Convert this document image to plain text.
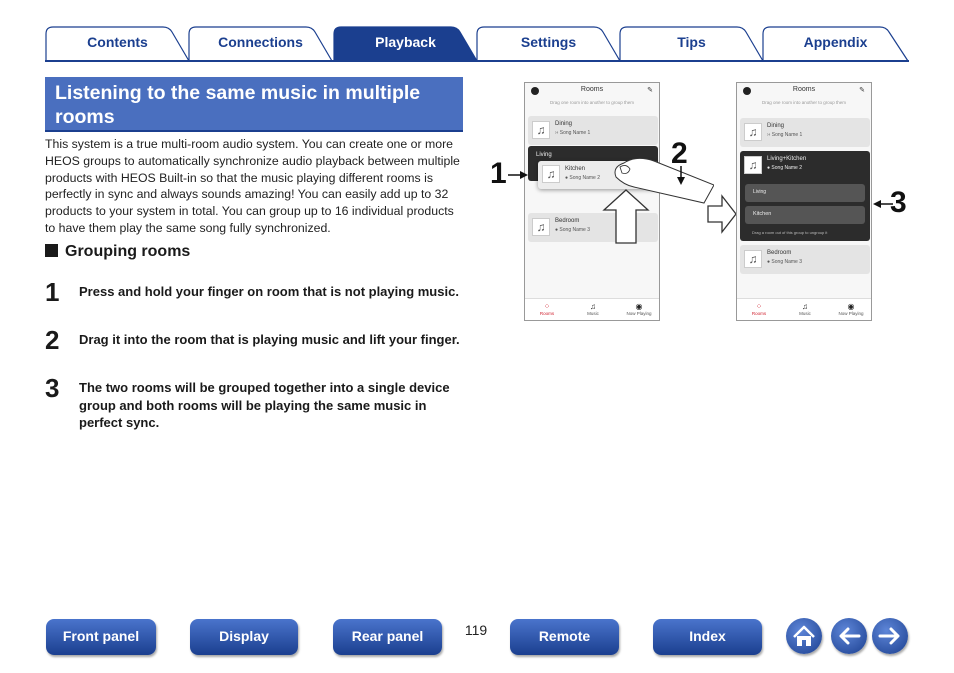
Contents	Connections	Playback	Settings	Tips	Appendix
Listening to the same music in multiple rooms

This system is a true multi-room audio system. You can create one or more HEOS groups to automatically synchronize audio playback between multiple products with HEOS Built-in so that the music playing different rooms is perfectly in sync and always sounds amazing! You can easily add up to 32 products to your system in total. You can group up to 16 individual products to have them play the same song fully synchronized.

Grouping rooms
1 Press and hold your finger on room that is not playing music.
2 Drag it into the room that is playing music and lift your finger.
3 The two rooms will be grouped together into a single device group and both rooms will be playing the same music in perfect sync.
Rooms	✎
Drag one room into another to group them
♫	Dining
›› Song Name 1
Living
♫	Kitchen
● Song Name 2
♫	Bedroom
● Song Name 3
⁘
Rooms
♫
Music
◉
Now Playing
1
2
3
Rooms	✎
Drag one room into another to group them
♫	Dining
›› Song Name 1
♫	Living+Kitchen
● Song Name 2
Living
Kitchen
Drag a room out of this group to ungroup it
♫	Bedroom
● Song Name 3
⁘
Rooms
♫
Music
◉
Now Playing
Front panel	Display	Rear panel	119	Remote	Index
